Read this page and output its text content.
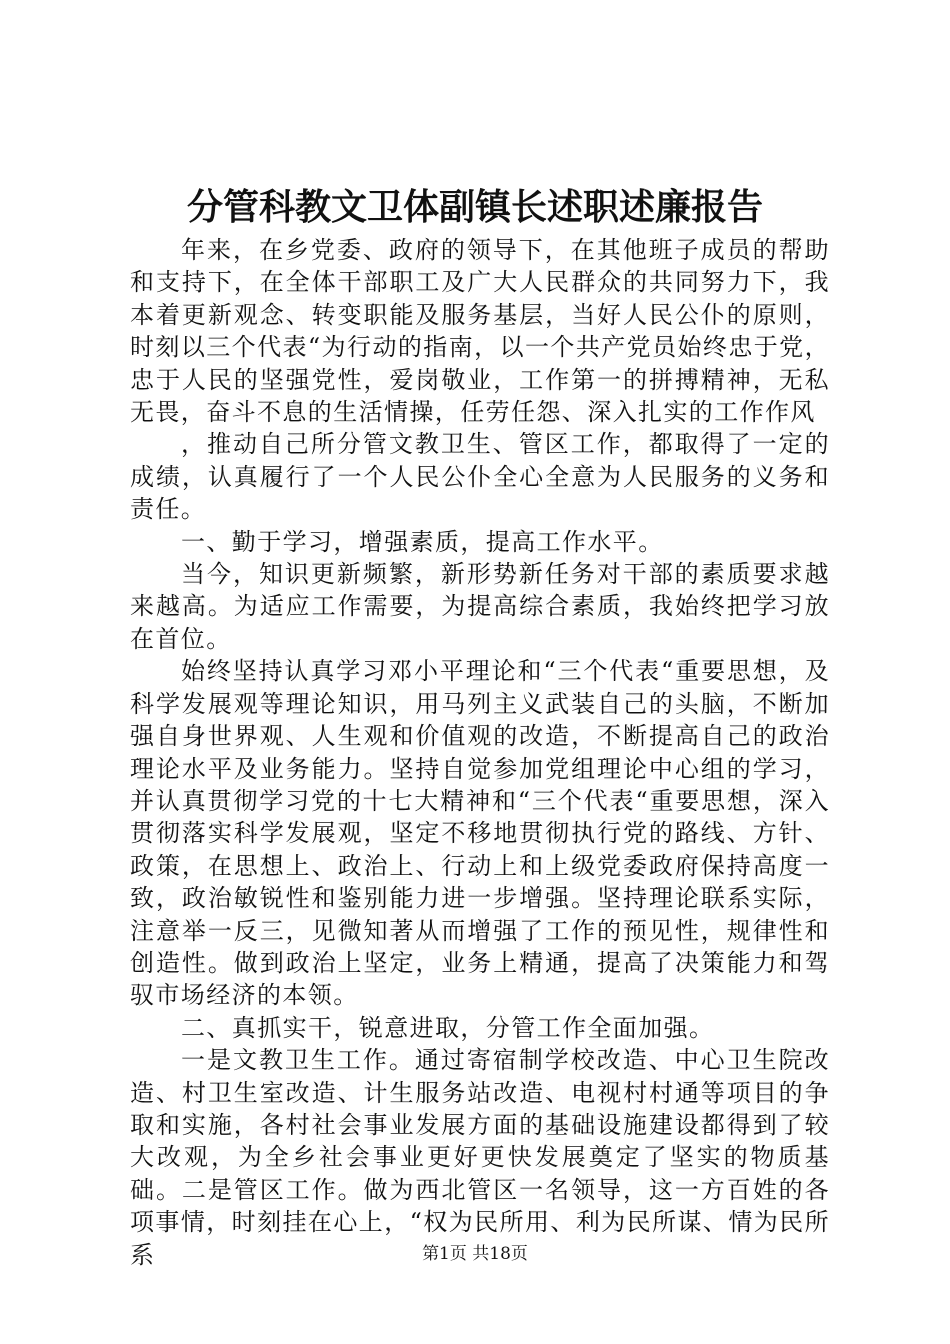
分管科教文卫体副镇长述职述廉报告

年来，在乡党委、政府的领导下，在其他班子成员的帮助和支持下，在全体干部职工及广大人民群众的共同努力下，我本着更新观念、转变职能及服务基层，当好人民公仆的原则，时刻以三个代表“为行动的指南，以一个共产党员始终忠于党，忠于人民的坚强党性，爱岗敬业，工作第一的拼搏精神，无私无畏，奋斗不息的生活情操，任劳任怨、深入扎实的工作作风

，推动自己所分管文教卫生、管区工作，都取得了一定的成绩，认真履行了一个人民公仆全心全意为人民服务的义务和责任。

一、勤于学习，增强素质，提高工作水平。

当今，知识更新频繁，新形势新任务对干部的素质要求越来越高。为适应工作需要，为提高综合素质，我始终把学习放在首位。

始终坚持认真学习邓小平理论和“三个代表“重要思想，及科学发展观等理论知识，用马列主义武装自己的头脑，不断加强自身世界观、人生观和价值观的改造，不断提高自己的政治理论水平及业务能力。坚持自觉参加党组理论中心组的学习，并认真贯彻学习党的十七大精神和“三个代表“重要思想，深入贯彻落实科学发展观，坚定不移地贯彻执行党的路线、方针、政策，在思想上、政治上、行动上和上级党委政府保持高度一致，政治敏锐性和鉴别能力进一步增强。坚持理论联系实际，注意举一反三，见微知著从而增强了工作的预见性，规律性和创造性。做到政治上坚定，业务上精通，提高了决策能力和驾驭市场经济的本领。

二、真抓实干，锐意进取，分管工作全面加强。

一是文教卫生工作。通过寄宿制学校改造、中心卫生院改造、村卫生室改造、计生服务站改造、电视村村通等项目的争取和实施，各村社会事业发展方面的基础设施建设都得到了较大改观，为全乡社会事业更好更快发展奠定了坚实的物质基础。二是管区工作。做为西北管区一名领导，这一方百姓的各项事情，时刻挂在心上，“权为民所用、利为民所谋、情为民所系	第1页 共18页
